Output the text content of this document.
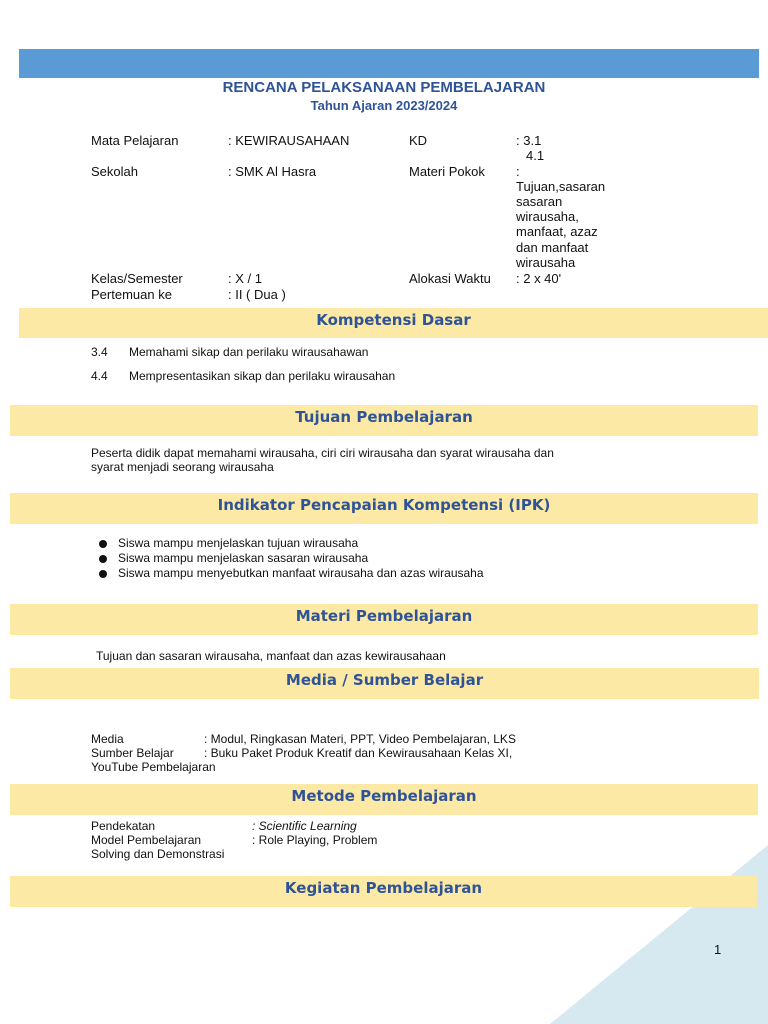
RENCANA PELAKSANAAN PEMBELAJARAN
Tahun Ajaran 2023/2024
Mata Pelajaran	: KEWIRAUSAHAAN	KD	: 3.1
4.1
Sekolah	: SMK Al Hasra	Materi Pokok :
Tujuan,sasaran
sasaran
wirausaha,
manfaat, azaz
dan manfaat
wirausaha
Kelas/Semester	: X / 1	Alokasi Waktu : 2 x 40'
Pertemuan ke	: II ( Dua )
Kompetensi Dasar
3.4 Memahami sikap dan perilaku wirausahawan
4.4 Mempresentasikan sikap dan perilaku wirausahan
Tujuan Pembelajaran
Peserta didik dapat memahami wirausaha, ciri ciri wirausaha dan syarat wirausaha dan
syarat menjadi seorang wirausaha
Indikator Pencapaian Kompetensi (IPK)
Siswa mampu menjelaskan tujuan wirausaha
Siswa mampu menjelaskan sasaran wirausaha
Siswa mampu menyebutkan manfaat wirausaha dan azas wirausaha
Materi Pembelajaran
Tujuan dan sasaran wirausaha, manfaat dan azas kewirausahaan
Media / Sumber Belajar
Media	: Modul, Ringkasan Materi, PPT, Video Pembelajaran, LKS
Sumber Belajar	: Buku Paket Produk Kreatif dan Kewirausahaan Kelas XI,
YouTube Pembelajaran
Metode Pembelajaran
Pendekatan	: Scientific Learning
Model Pembelajaran	: Role Playing, Problem
Solving dan Demonstrasi
Kegiatan Pembelajaran
1
